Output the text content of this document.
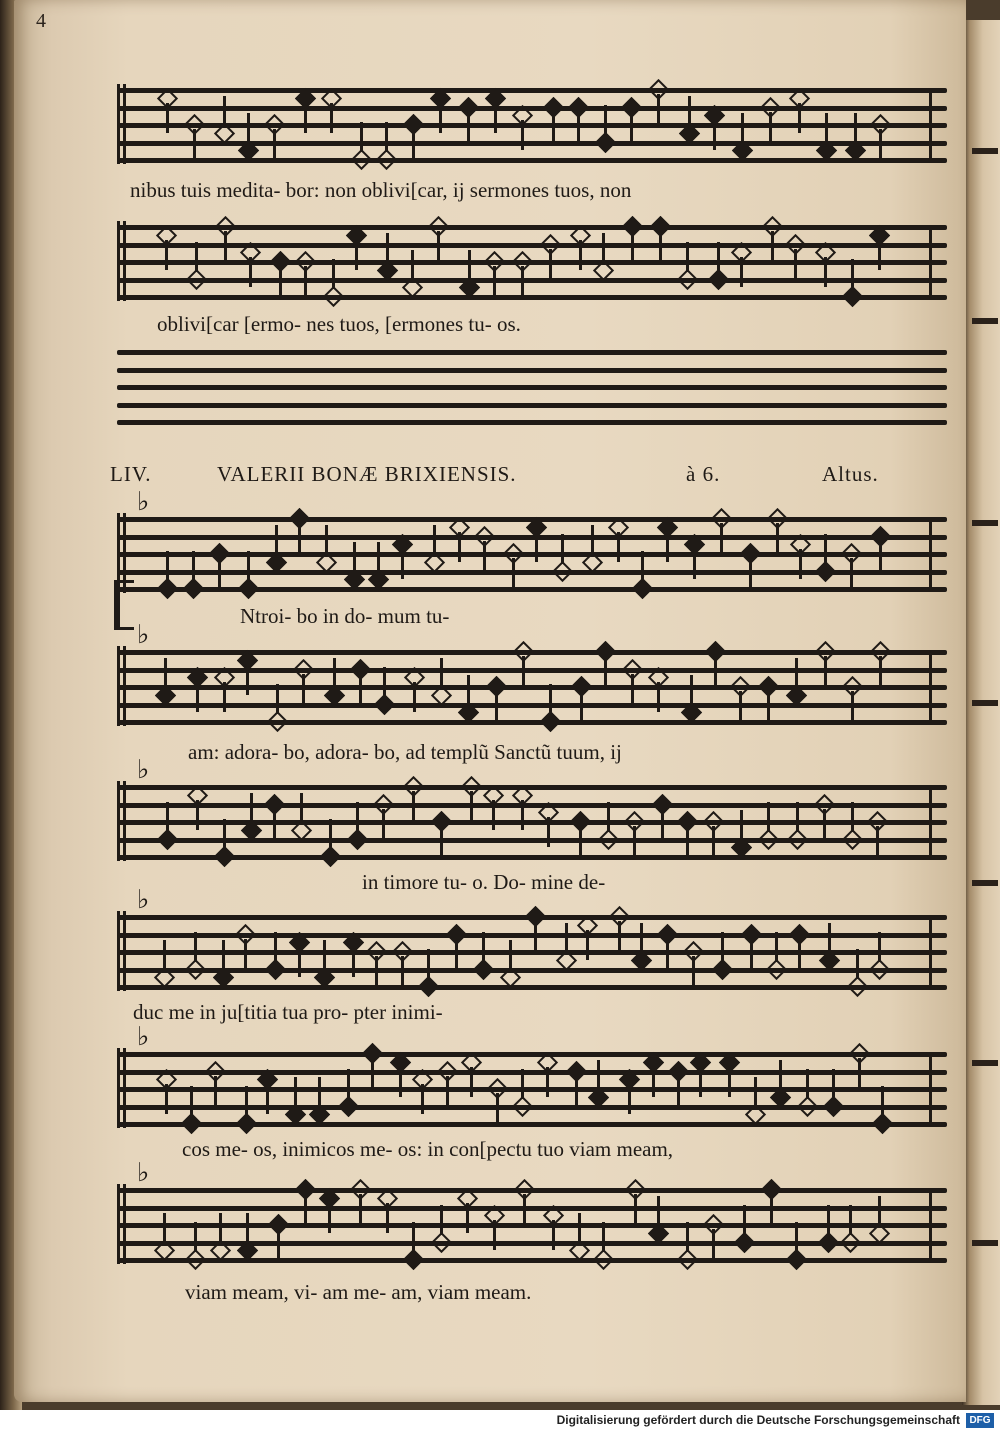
4
♭
♭
♭
♭
♭
♭
LIV.	VALERII BONÆ BRIXIENSIS.	à 6.	Altus.
nibus tuis medita- bor: non oblivi[car, ij sermones tuos, non
oblivi[car [ermo- nes tuos, [ermones tu- os.
Ntroi- bo in do- mum tu-
am: adora- bo, adora- bo, ad templũ Sanctũ tuum, ij
in timore tu- o. Do- mine de-
duc me in ju[titia tua pro- pter inimi-
cos me- os, inimicos me- os: in con[pectu tuo viam meam,
viam meam, vi- am me- am, viam meam.
Digitalisierung gefördert durch die Deutsche Forschungsgemeinschaft DFG
